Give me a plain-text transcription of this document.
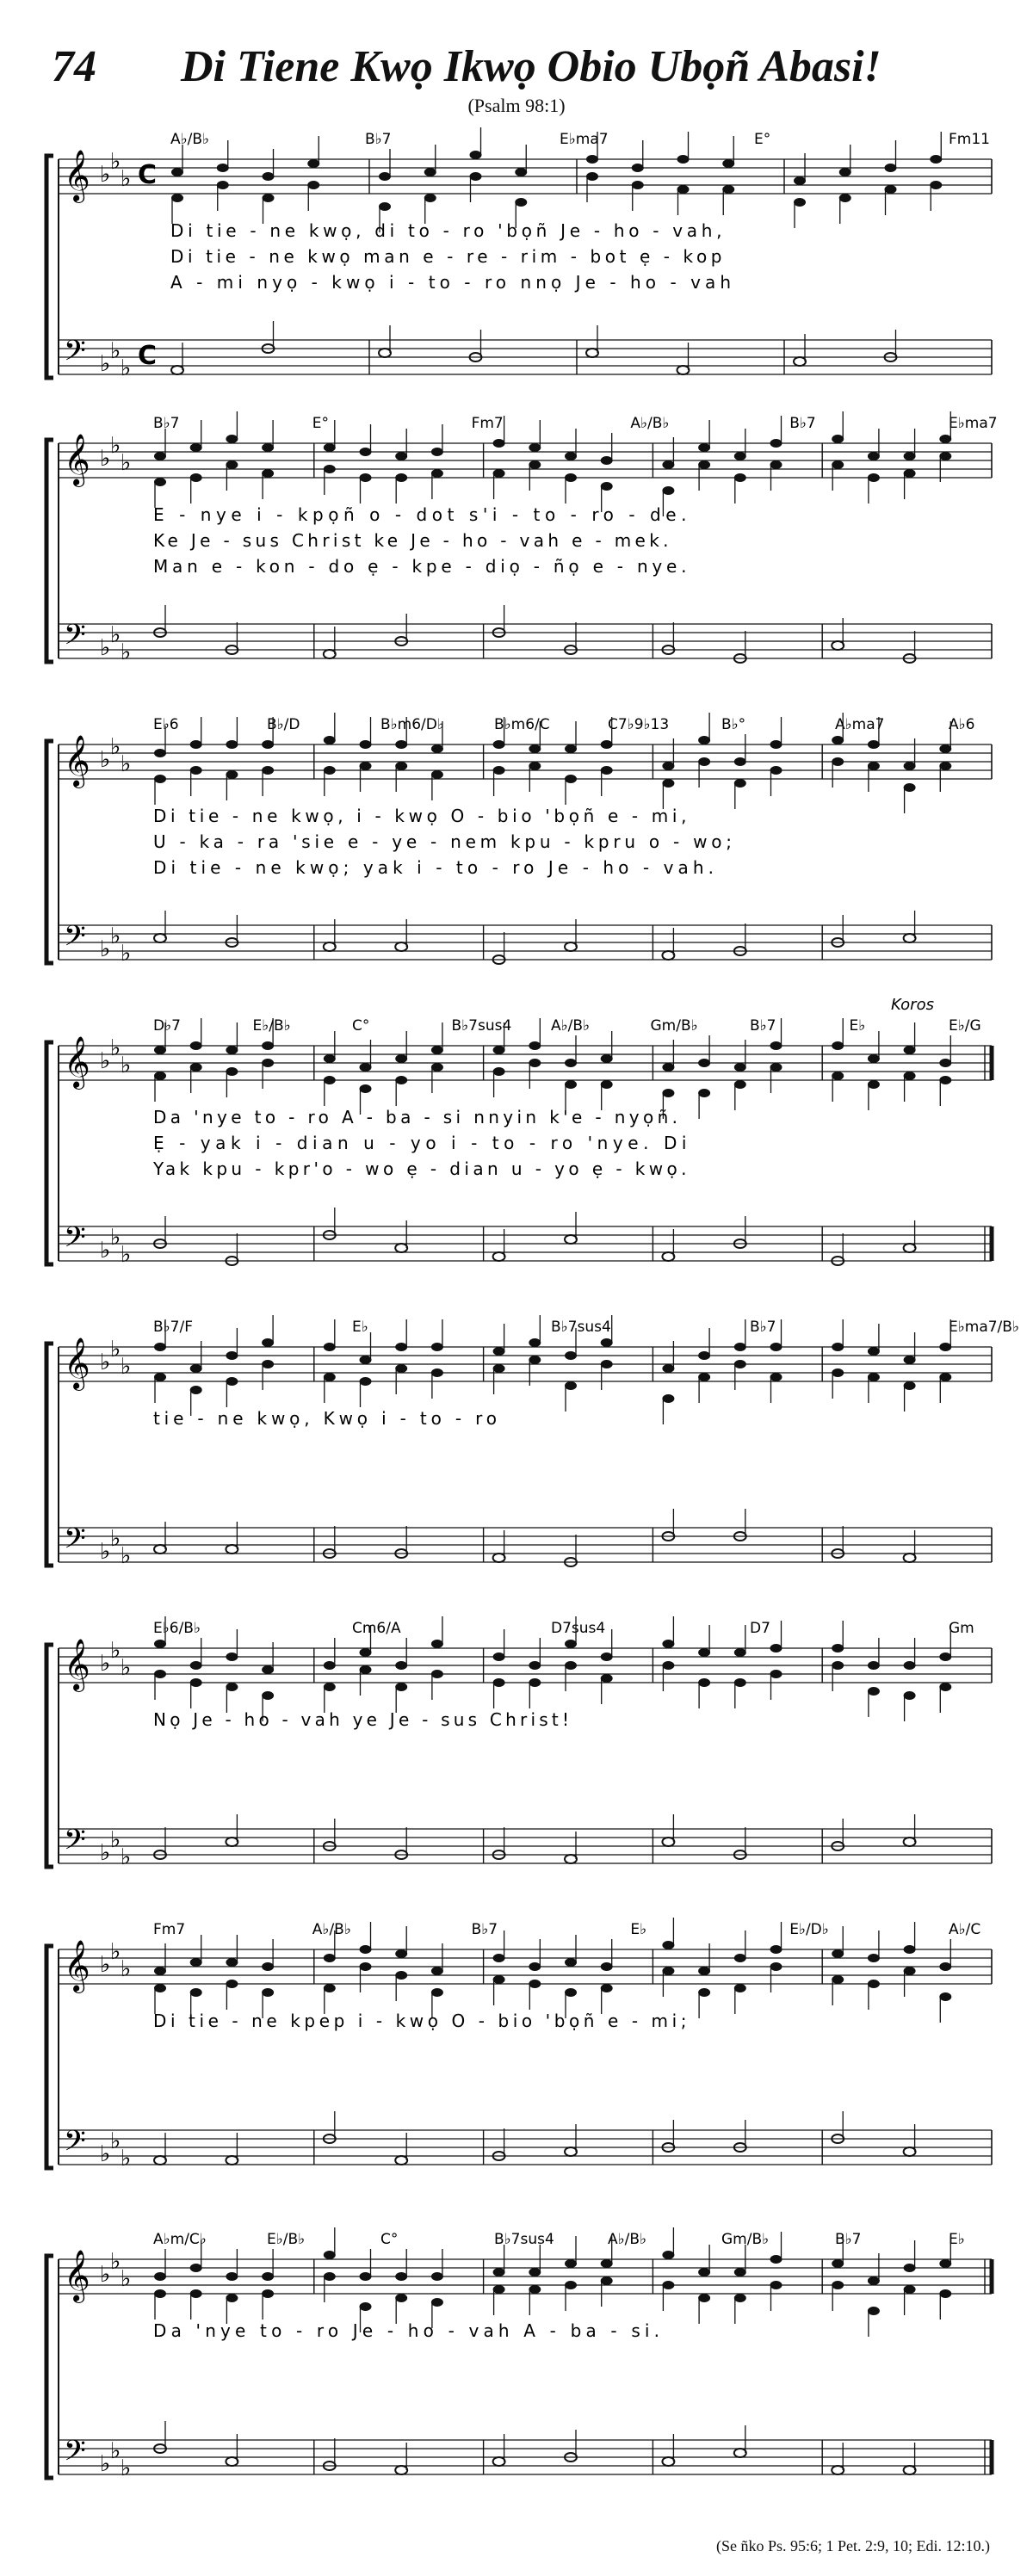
74 Di Tiene Kwọ Ikwọ Obio Ubọñ Abasi!
(Psalm 98:1)
𝄞
𝄢
♭ ♭
♭
♭ ♭
♭
C
C
A♭/B♭	B♭7	E♭ma7	E°	Fm11
Di tie - ne kwọ, di to - ro 'bọñ Je - ho - vah,
Di tie - ne kwọ man e - re - rim - bot ẹ - kop
A - mi nyọ - kwọ i - to - ro nnọ Je - ho - vah
𝄞
𝄢
♭ ♭
♭
♭ ♭
♭
B♭7	E°	Fm7	A♭/B♭	B♭7	E♭ma7
E - nye i - kpọñ o - dot s'i - to - ro - de.
Ke Je - sus Christ ke Je - ho - vah e - mek.
Man e - kon - do ẹ - kpe - diọ - ñọ e - nye.
𝄞
𝄢
♭ ♭
♭
♭ ♭
♭
E♭6	B♭/D	B♭m6/D♭	B♭m6/C	C7♭9♭13	B♭°	A♭ma7	A♭6
Di tie - ne kwọ, i - kwọ O - bio 'bọñ e - mi,
U - ka - ra 'sie e - ye - nem kpu - kpru o - wo;
Di tie - ne kwọ; yak i - to - ro Je - ho - vah.
𝄞
𝄢
♭ ♭
♭
♭ ♭
♭
D♭7	E♭/B♭	C°	B♭7sus4	A♭/B♭	Gm/B♭	B♭7	E♭	E♭/G
Koros
Da 'nye to - ro A - ba - si nnyin k'e - nyọñ.
Ẹ - yak i - dian u - yo i - to - ro 'nye. Di
Yak kpu - kpr'o - wo ẹ - dian u - yo ẹ - kwọ.
𝄞
𝄢
♭ ♭
♭
♭ ♭
♭
B♭7/F	E♭	B♭7sus4	B♭7	E♭ma7/B♭
tie - ne kwọ, Kwọ i - to - ro
𝄞
𝄢
♭ ♭
♭
♭ ♭
♭
E♭6/B♭	Cm6/A	D7sus4	D7	Gm
Nọ Je - ho - vah ye Je - sus Christ!
𝄞
𝄢
♭ ♭
♭
♭ ♭
♭
Fm7	A♭/B♭	B♭7	E♭	E♭/D♭	A♭/C
Di tie - ne kpep i - kwọ O - bio 'bọñ e - mi;
𝄞
𝄢
♭ ♭
♭
♭ ♭
♭
A♭m/C♭	E♭/B♭	C°	B♭7sus4	A♭/B♭	Gm/B♭	B♭7	E♭
Da 'nye to - ro Je - ho - vah A - ba - si.
(Se ñko Ps. 95:6; 1 Pet. 2:9, 10; Edi. 12:10.)
